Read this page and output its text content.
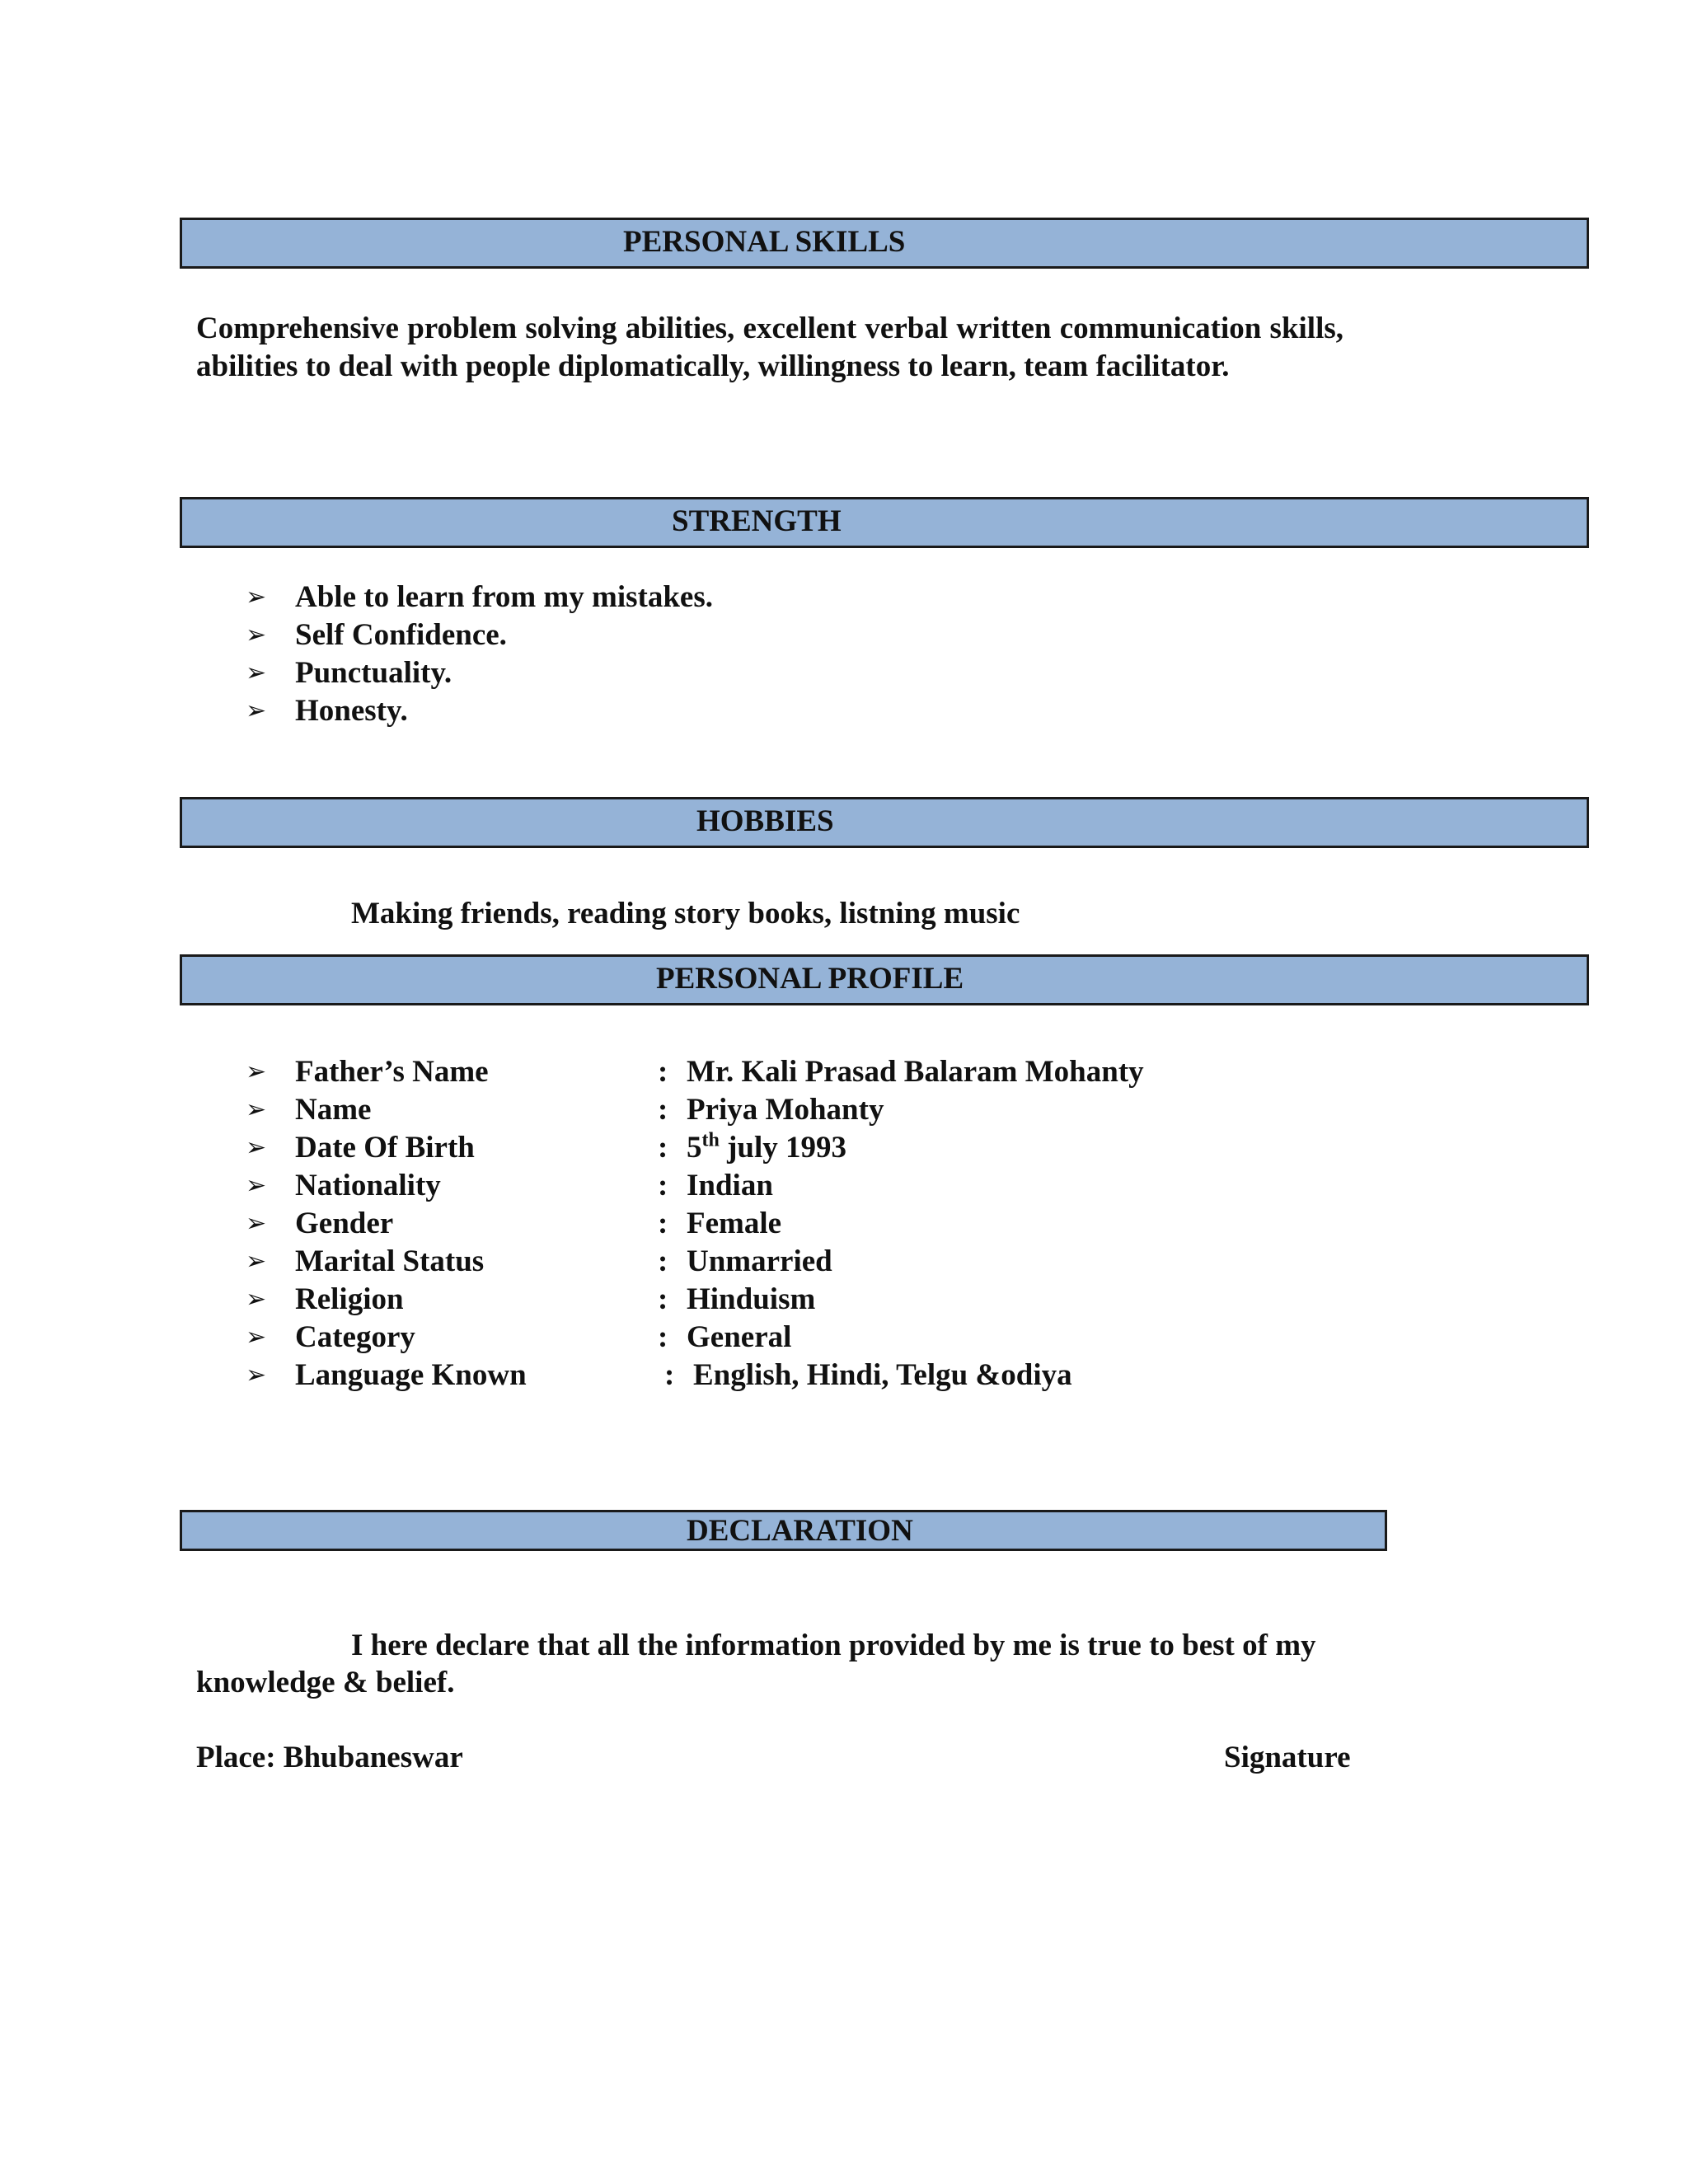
PERSONAL SKILLS
Comprehensive problem solving abilities, excellent verbal written communication skills,
abilities to deal with people diplomatically, willingness to learn, team facilitator.
STRENGTH
➢ Able to learn from my mistakes.
➢ Self Confidence.
➢ Punctuality.
➢ Honesty.
HOBBIES
Making friends, reading story books, listning music
PERSONAL PROFILE
➢ Father’s Name	: Mr. Kali Prasad Balaram Mohanty
➢ Name	: Priya Mohanty
➢ Date Of Birth	: 5th july 1993
➢ Nationality	: Indian
➢ Gender	: Female
➢ Marital Status	: Unmarried
➢ Religion	: Hinduism
➢ Category	: General
➢ Language Known	: English, Hindi, Telgu &odiya
DECLARATION
I here declare that all the information provided by me is true to best of my
knowledge & belief.
Place: Bhubaneswar	Signature
